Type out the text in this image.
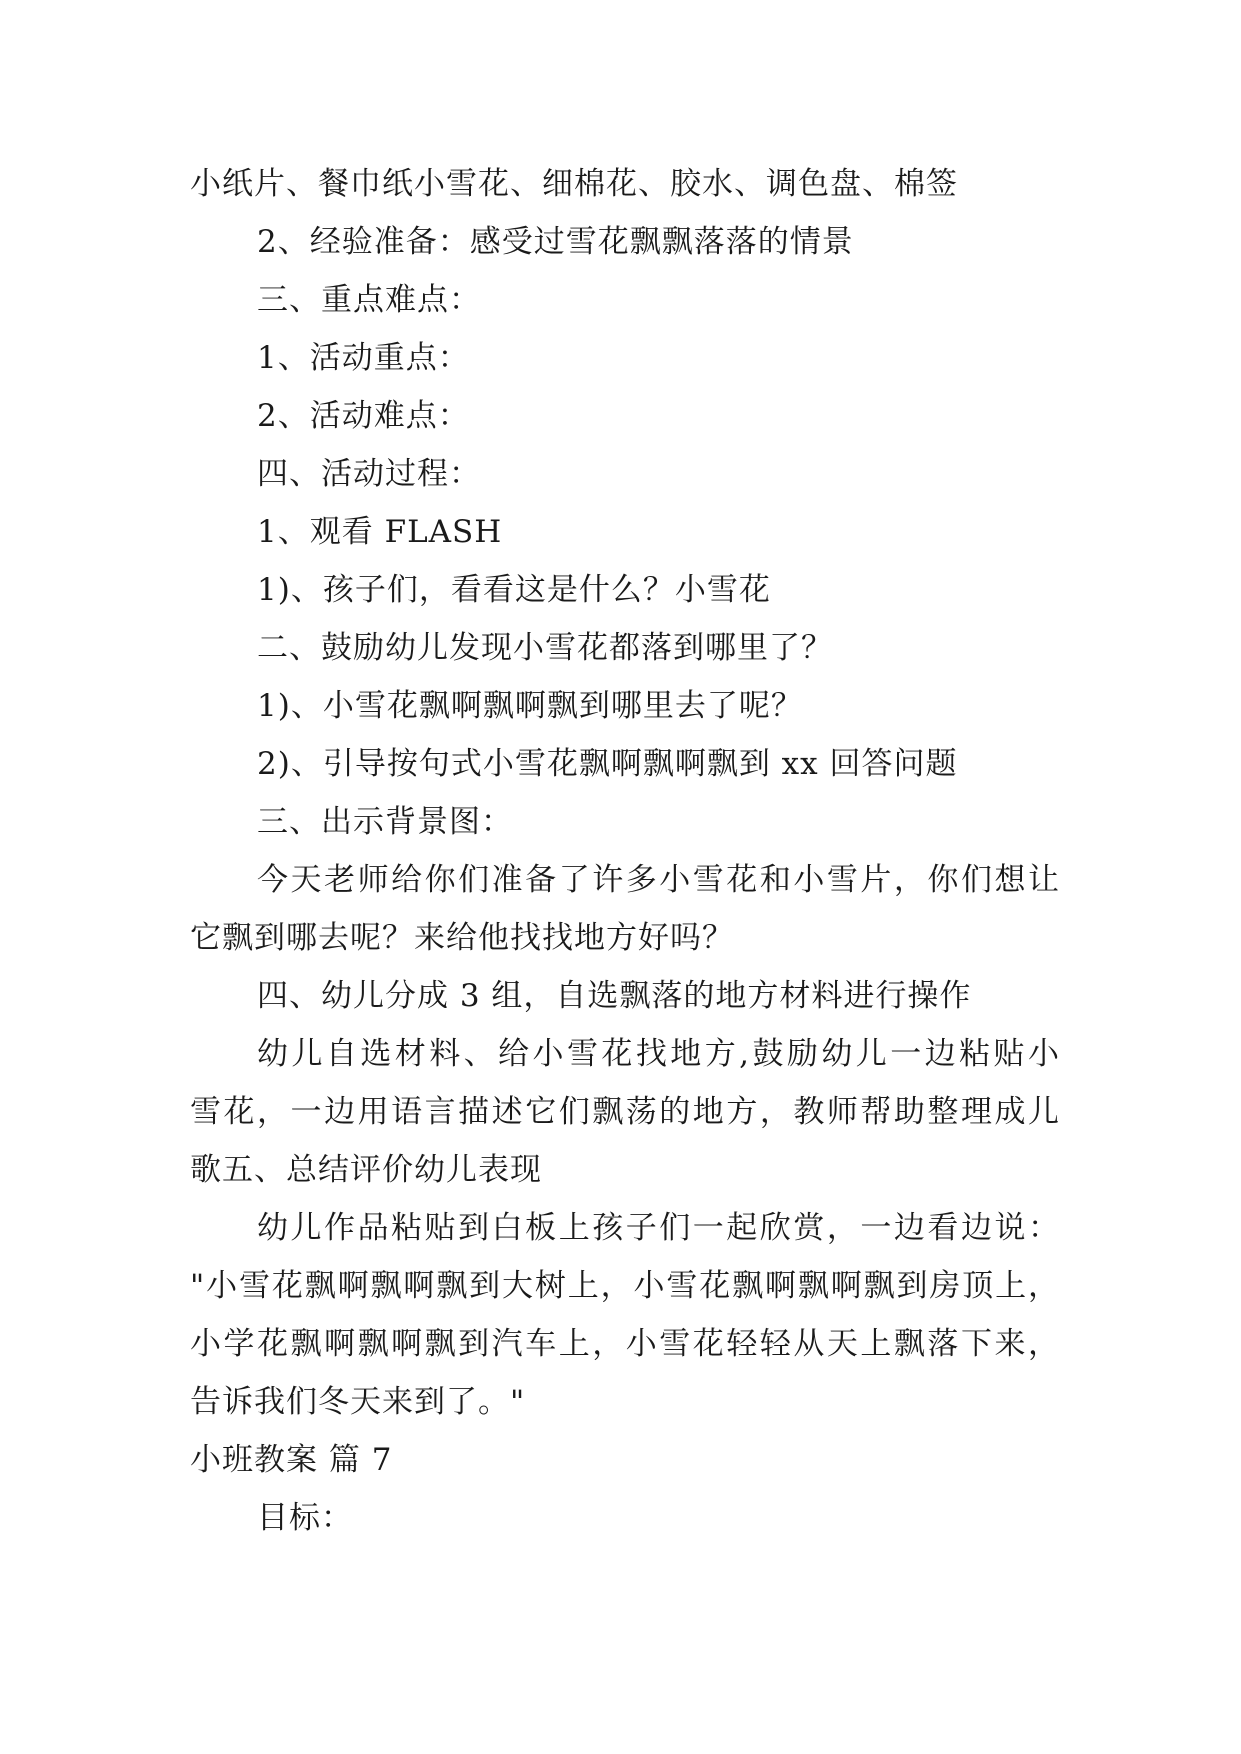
小纸片、餐巾纸小雪花、细棉花、胶水、调色盘、棉签
2、经验准备：感受过雪花飘飘落落的情景
三、重点难点：
1、活动重点：
2、活动难点：
四、活动过程：
1、观看 FLASH
1)、孩子们，看看这是什么？小雪花
二、鼓励幼儿发现小雪花都落到哪里了？
1)、小雪花飘啊飘啊飘到哪里去了呢？
2)、引导按句式小雪花飘啊飘啊飘到 xx 回答问题
三、出示背景图：
今天老师给你们准备了许多小雪花和小雪片，你们想让
它飘到哪去呢？来给他找找地方好吗？
四、幼儿分成 3 组，自选飘落的地方材料进行操作
幼儿自选材料、给小雪花找地方,鼓励幼儿一边粘贴小
雪花，一边用语言描述它们飘荡的地方，教师帮助整理成儿
歌五、总结评价幼儿表现
幼儿作品粘贴到白板上孩子们一起欣赏，一边看边说：
"小雪花飘啊飘啊飘到大树上，小雪花飘啊飘啊飘到房顶上，
小学花飘啊飘啊飘到汽车上，小雪花轻轻从天上飘落下来，
告诉我们冬天来到了。"
小班教案 篇 7
目标：
